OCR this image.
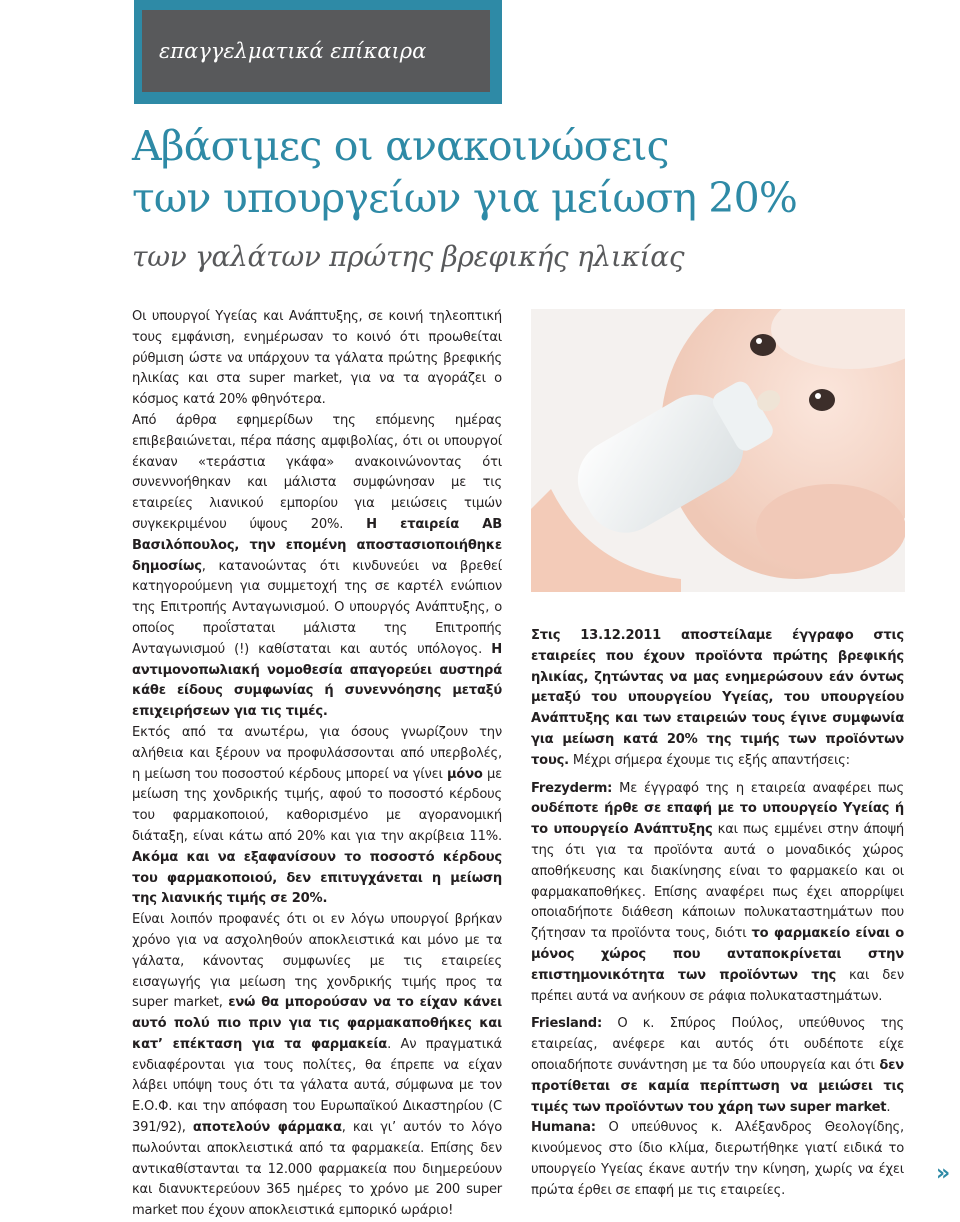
επαγγελματικά επίκαιρα
Αβάσιμες οι ανακοινώσεις
των υπουργείων για μείωση 20%
των γαλάτων πρώτης βρεφικής ηλικίας

Οι υπουργοί Υγείας και Ανάπτυξης, σε κοινή τηλεοπτική τους εμφάνιση, ενημέρωσαν το κοινό ότι προωθείται ρύθμιση ώστε να υπάρχουν τα γάλατα πρώτης βρεφικής ηλικίας και στα super market, για να τα αγοράζει ο κόσμος κατά 20% φθηνότερα.

Από άρθρα εφημερίδων της επόμενης ημέρας επιβεβαιώνεται, πέρα πάσης αμφιβολίας, ότι οι υπουργοί έκαναν «τεράστια γκάφα» ανακοινώνοντας ότι συνεννοήθηκαν και μάλιστα συμφώνησαν με τις εταιρείες λιανικού εμπορίου για μειώσεις τιμών συγκεκριμένου ύψους 20%. Η εταιρεία ΑΒ Βασιλόπουλος, την επομένη αποστασιοποιήθηκε δημοσίως, κατανοώντας ότι κινδυνεύει να βρεθεί κατηγορούμενη για συμμετοχή της σε καρτέλ ενώπιον της Επιτροπής Ανταγωνισμού. Ο υπουργός Ανάπτυξης, ο οποίος προΐσταται μάλιστα της Επιτροπής Ανταγωνισμού (!) καθίσταται και αυτός υπόλογος. Η αντιμονοπωλιακή νομοθεσία απαγορεύει αυστηρά κάθε είδους συμφωνίας ή συνεννόησης μεταξύ επιχειρήσεων για τις τιμές.

Εκτός από τα ανωτέρω, για όσους γνωρίζουν την αλήθεια και ξέρουν να προφυλάσσονται από υπερβολές, η μείωση του ποσοστού κέρδους μπορεί να γίνει μόνο με μείωση της χονδρικής τιμής, αφού το ποσοστό κέρδους του φαρμακοποιού, καθορισμένο με αγορανομική διάταξη, είναι κάτω από 20% και για την ακρίβεια 11%. Ακόμα και να εξαφανίσουν το ποσοστό κέρδους του φαρμακοποιού, δεν επιτυγχάνεται η μείωση της λιανικής τιμής σε 20%.

Είναι λοιπόν προφανές ότι οι εν λόγω υπουργοί βρήκαν χρόνο για να ασχοληθούν αποκλειστικά και μόνο με τα γάλατα, κάνοντας συμφωνίες με τις εταιρείες εισαγωγής για μείωση της χονδρικής τιμής προς τα super market, ενώ θα μπορούσαν να το είχαν κάνει αυτό πολύ πιο πριν για τις φαρμακαποθήκες και κατ’ επέκταση για τα φαρμακεία. Αν πραγματικά ενδιαφέρονται για τους πολίτες, θα έπρεπε να είχαν λάβει υπόψη τους ότι τα γάλατα αυτά, σύμφωνα με τον Ε.Ο.Φ. και την απόφαση του Ευρωπαϊκού Δικαστηρίου (C 391/92), αποτελούν φάρμακα, και γι’ αυτόν το λόγο πωλούνται αποκλειστικά από τα φαρμακεία. Επίσης δεν αντικαθίστανται τα 12.000 φαρμακεία που διημερεύουν και διανυκτερεύουν 365 ημέρες το χρόνο με 200 super market που έχουν αποκλειστικά εμπορικό ωράριο!

Στις 13.12.2011 αποστείλαμε έγγραφο στις εταιρείες που έχουν προϊόντα πρώτης βρεφικής ηλικίας, ζητώντας να μας ενημερώσουν εάν όντως μεταξύ του υπουργείου Υγείας, του υπουργείου Ανάπτυξης και των εταιρειών τους έγινε συμφωνία για μείωση κατά 20% της τιμής των προϊόντων τους. Μέχρι σήμερα έχουμε τις εξής απαντήσεις:

Frezyderm: Με έγγραφό της η εταιρεία αναφέρει πως ουδέποτε ήρθε σε επαφή με το υπουργείο Υγείας ή το υπουργείο Ανάπτυξης και πως εμμένει στην άποψή της ότι για τα προϊόντα αυτά ο μοναδικός χώρος αποθήκευσης και διακίνησης είναι το φαρμακείο και οι φαρμακαποθήκες. Επίσης αναφέρει πως έχει απορρίψει οποιαδήποτε διάθεση κάποιων πολυκαταστημάτων που ζήτησαν τα προϊόντα τους, διότι το φαρμακείο είναι ο μόνος χώρος που ανταποκρίνεται στην επιστημονικότητα των προϊόντων της και δεν πρέπει αυτά να ανήκουν σε ράφια πολυκαταστημάτων.

Friesland: Ο κ. Σπύρος Πούλος, υπεύθυνος της εταιρείας, ανέφερε και αυτός ότι ουδέποτε είχε οποιαδήποτε συνάντηση με τα δύο υπουργεία και ότι δεν προτίθεται σε καμία περίπτωση να μειώσει τις τιμές των προϊόντων του χάρη των super market.

Humana: Ο υπεύθυνος κ. Αλέξανδρος Θεολογίδης, κινούμενος στο ίδιο κλίμα, διερωτήθηκε γιατί ειδικά το υπουργείο Υγείας έκανε αυτήν την κίνηση, χωρίς να έχει πρώτα έρθει σε επαφή με τις εταιρείες.

»
